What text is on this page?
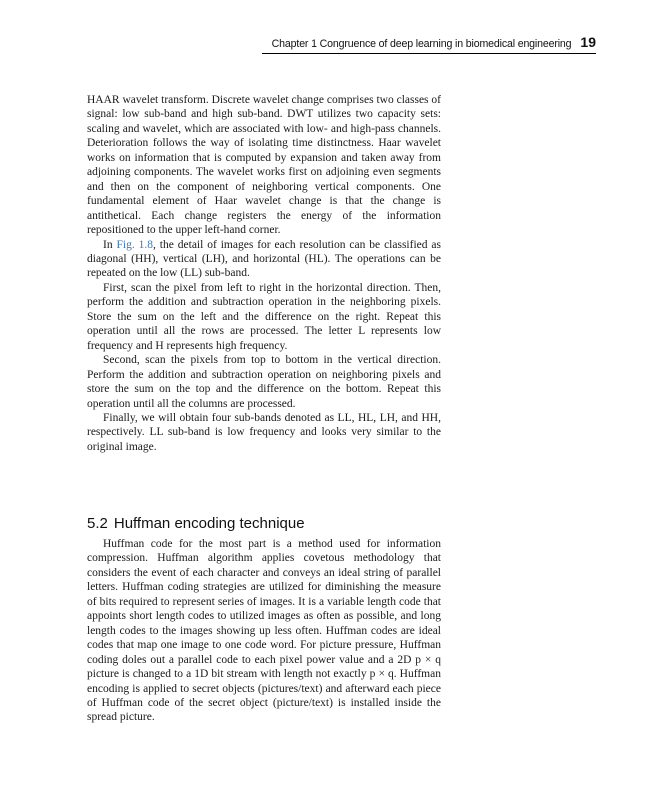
Chapter 1 Congruence of deep learning in biomedical engineering 19

HAAR wavelet transform. Discrete wavelet change comprises two classes of signal: low sub-band and high sub-band. DWT utilizes two capacity sets: scaling and wavelet, which are associated with low- and high-pass channels. Deterioration follows the way of isolating time distinctness. Haar wavelet works on information that is computed by expansion and taken away from adjoining components. The wavelet works first on adjoining even segments and then on the component of neighboring vertical components. One fundamental element of Haar wavelet change is that the change is antithetical. Each change registers the energy of the information repositioned to the upper left-hand corner.

In Fig. 1.8, the detail of images for each resolution can be classified as diagonal (HH), vertical (LH), and horizontal (HL). The operations can be repeated on the low (LL) sub-band.

First, scan the pixel from left to right in the horizontal direction. Then, perform the addition and subtraction operation in the neighboring pixels. Store the sum on the left and the difference on the right. Repeat this operation until all the rows are processed. The letter L represents low frequency and H represents high frequency.

Second, scan the pixels from top to bottom in the vertical direction. Perform the addition and subtraction operation on neighboring pixels and store the sum on the top and the difference on the bottom. Repeat this operation until all the columns are processed.

Finally, we will obtain four sub-bands denoted as LL, HL, LH, and HH, respectively. LL sub-band is low frequency and looks very similar to the original image.

5.2 Huffman encoding technique

Huffman code for the most part is a method used for information compression. Huffman algorithm applies covetous methodology that considers the event of each character and conveys an ideal string of parallel letters. Huffman coding strategies are utilized for diminishing the measure of bits required to represent series of images. It is a variable length code that appoints short length codes to utilized images as often as possible, and long length codes to the images showing up less often. Huffman codes are ideal codes that map one image to one code word. For picture pressure, Huffman coding doles out a parallel code to each pixel power value and a 2D p × q picture is changed to a 1D bit stream with length not exactly p × q. Huffman encoding is applied to secret objects (pictures/text) and afterward each piece of Huffman code of the secret object (picture/text) is installed inside the spread picture.
